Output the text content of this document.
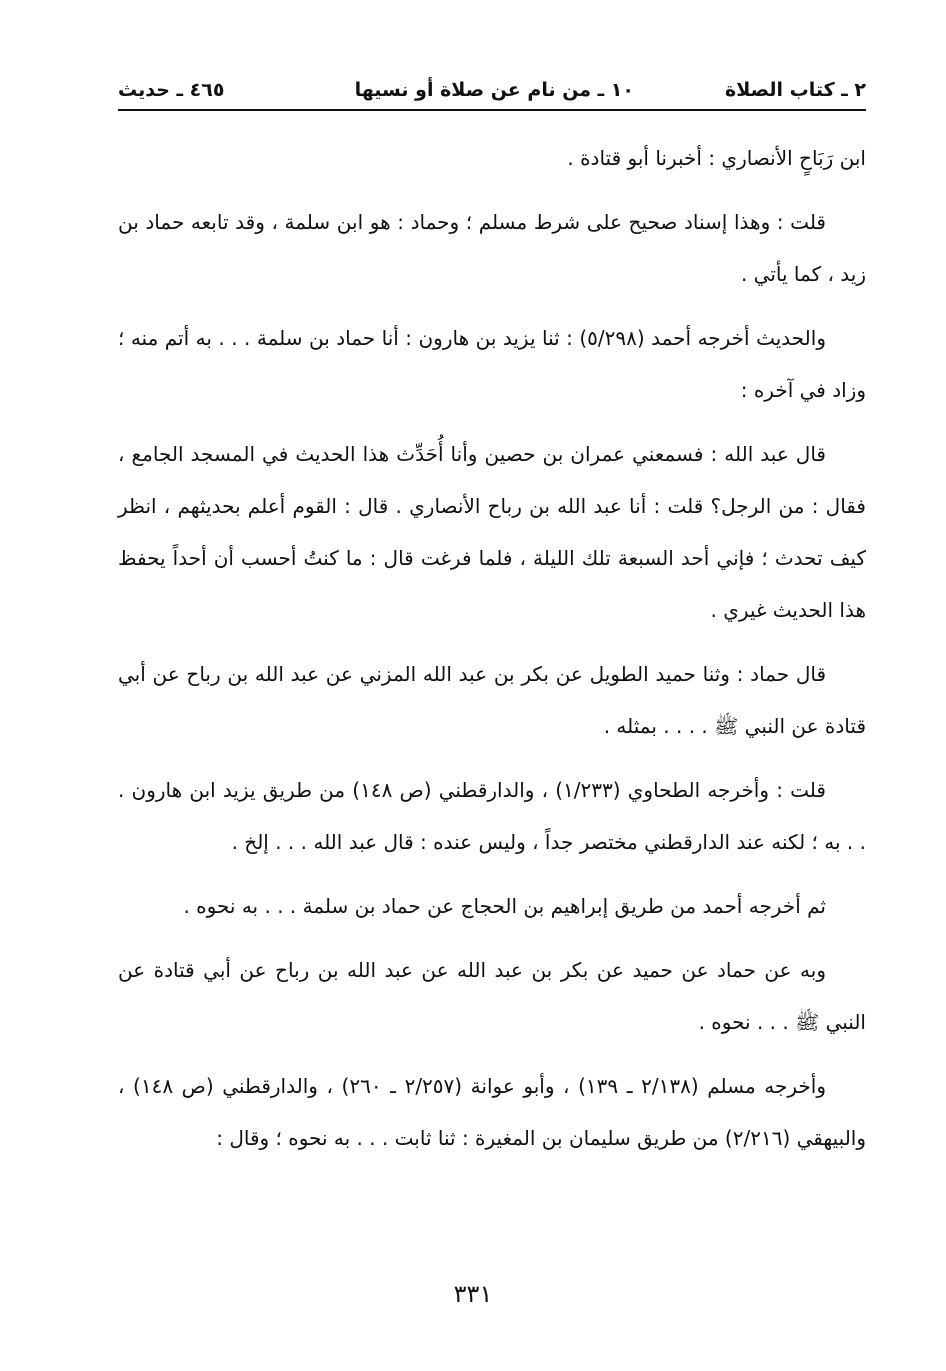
٢ ـ كتاب الصلاة
١٠ ـ من نام عن صلاة أو نسيها
٤٦٥ ـ حديث

ابن رَبَاحٍ الأنصاري : أخبرنا أبو قتادة .

قلت : وهذا إسناد صحيح على شرط مسلم ؛ وحماد : هو ابن سلمة ، وقد تابعه حماد بن زيد ، كما يأتي .

والحديث أخرجه أحمد (٥/٢٩٨) : ثنا يزيد بن هارون : أنا حماد بن سلمة . . . به أتم منه ؛ وزاد في آخره :

قال عبد الله : فسمعني عمران بن حصين وأنا أُحَدِّث هذا الحديث في المسجد الجامع ، فقال : من الرجل؟ قلت : أنا عبد الله بن رباح الأنصاري . قال : القوم أعلم بحديثهم ، انظر كيف تحدث ؛ فإني أحد السبعة تلك الليلة ، فلما فرغت قال : ما كنتُ أحسب أن أحداً يحفظ هذا الحديث غيري .

قال حماد : وثنا حميد الطويل عن بكر بن عبد الله المزني عن عبد الله بن رباح عن أبي قتادة عن النبي ﷺ . . . . بمثله .

قلت : وأخرجه الطحاوي (١/٢٣٣) ، والدارقطني (ص ١٤٨) من طريق يزيد ابن هارون . . . به ؛ لكنه عند الدارقطني مختصر جداً ، وليس عنده : قال عبد الله . . . إلخ .

ثم أخرجه أحمد من طريق إبراهيم بن الحجاج عن حماد بن سلمة . . . به نحوه .

وبه عن حماد عن حميد عن بكر بن عبد الله عن عبد الله بن رباح عن أبي قتادة عن النبي ﷺ . . . نحوه .

وأخرجه مسلم (٢/١٣٨ ـ ١٣٩) ، وأبو عوانة (٢/٢٥٧ ـ ٢٦٠) ، والدارقطني (ص ١٤٨) ، والبيهقي (٢/٢١٦) من طريق سليمان بن المغيرة : ثنا ثابت . . . به نحوه ؛ وقال :

٣٣١
